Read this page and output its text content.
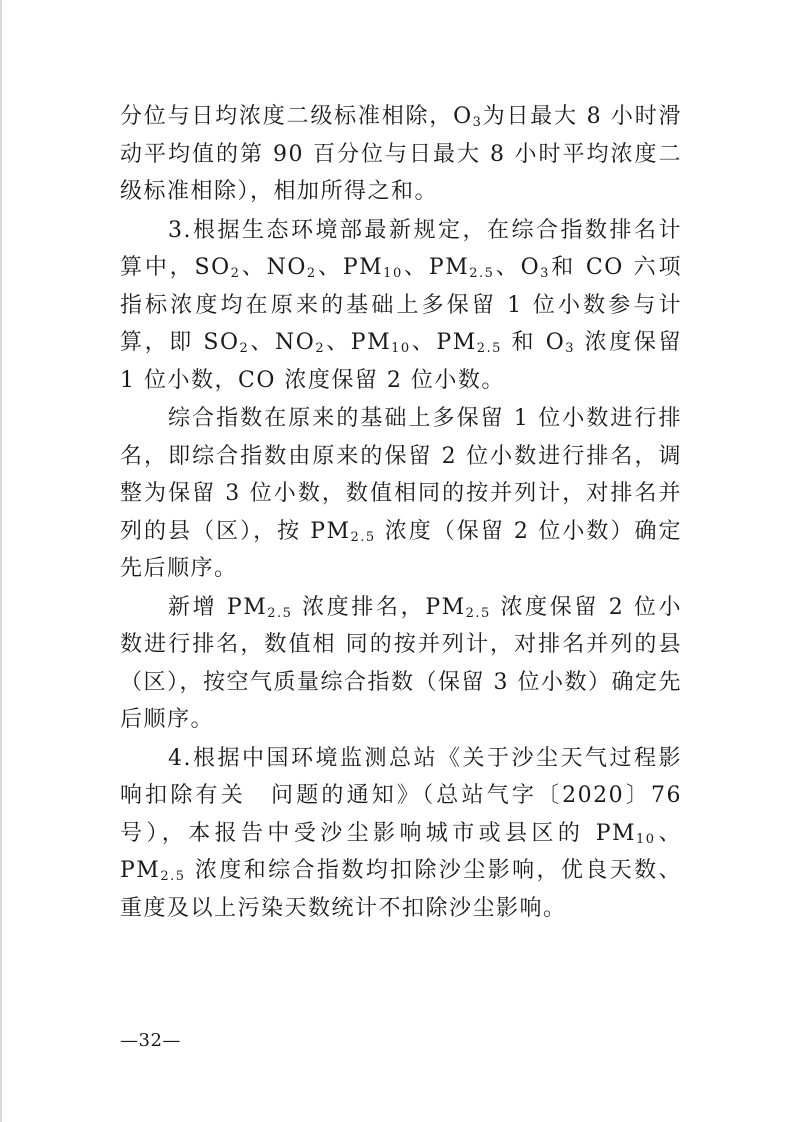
分位与日均浓度二级标准相除，$O_3$为日最大 8 小时滑动平均值的第 90 百分位与日最大 8 小时平均浓度二级标准相除），相加所得之和。

3.根据生态环境部最新规定，在综合指数排名计算中，$SO_2$、$NO_2$、$PM_{10}$、$PM_{2.5}$、$O_3$和 CO 六项指标浓度均在原来的基础上多保留 1 位小数参与计算，即 $SO_2$、$NO_2$、$PM_{10}$、$PM_{2.5}$ 和 $O_3$ 浓度保留 1 位小数，CO 浓度保留 2 位小数。

综合指数在原来的基础上多保留 1 位小数进行排名，即综合指数由原来的保留 2 位小数进行排名，调整为保留 3 位小数，数值相同的按并列计，对排名并列的县（区），按 $PM_{2.5}$ 浓度（保留 2 位小数）确定先后顺序。

新增 $PM_{2.5}$ 浓度排名，$PM_{2.5}$ 浓度保留 2 位小数进行排名，数值相 同的按并列计，对排名并列的县（区），按空气质量综合指数（保留 3 位小数）确定先后顺序。

4.根据中国环境监测总站《关于沙尘天气过程影响扣除有关　问题的通知》（总站气字〔2020〕76 号），本报告中受沙尘影响城市或县区的 $PM_{10}$、$PM_{2.5}$ 浓度和综合指数均扣除沙尘影响，优良天数、重度及以上污染天数统计不扣除沙尘影响。

—32—
